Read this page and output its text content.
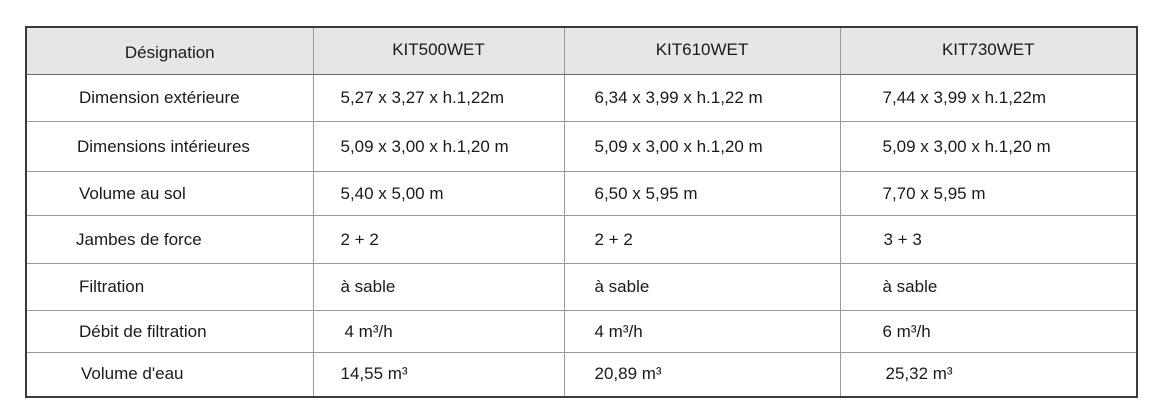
Désignation	KIT500WET	KIT610WET	KIT730WET
Dimension extérieure	5,27 x 3,27 x h.1,22m	6,34 x 3,99 x h.1,22 m	7,44 x 3,99 x h.1,22m
Dimensions intérieures	5,09 x 3,00 x h.1,20 m	5,09 x 3,00 x h.1,20 m	5,09 x 3,00 x h.1,20 m
Volume au sol	5,40 x 5,00 m	6,50 x 5,95 m	7,70 x 5,95 m
Jambes de force	2 + 2	2 + 2	3 + 3
Filtration	à sable	à sable	à sable
Débit de filtration	4 m³/h	4 m³/h	6 m³/h
Volume d'eau	14,55 m³	20,89 m³	25,32 m³
